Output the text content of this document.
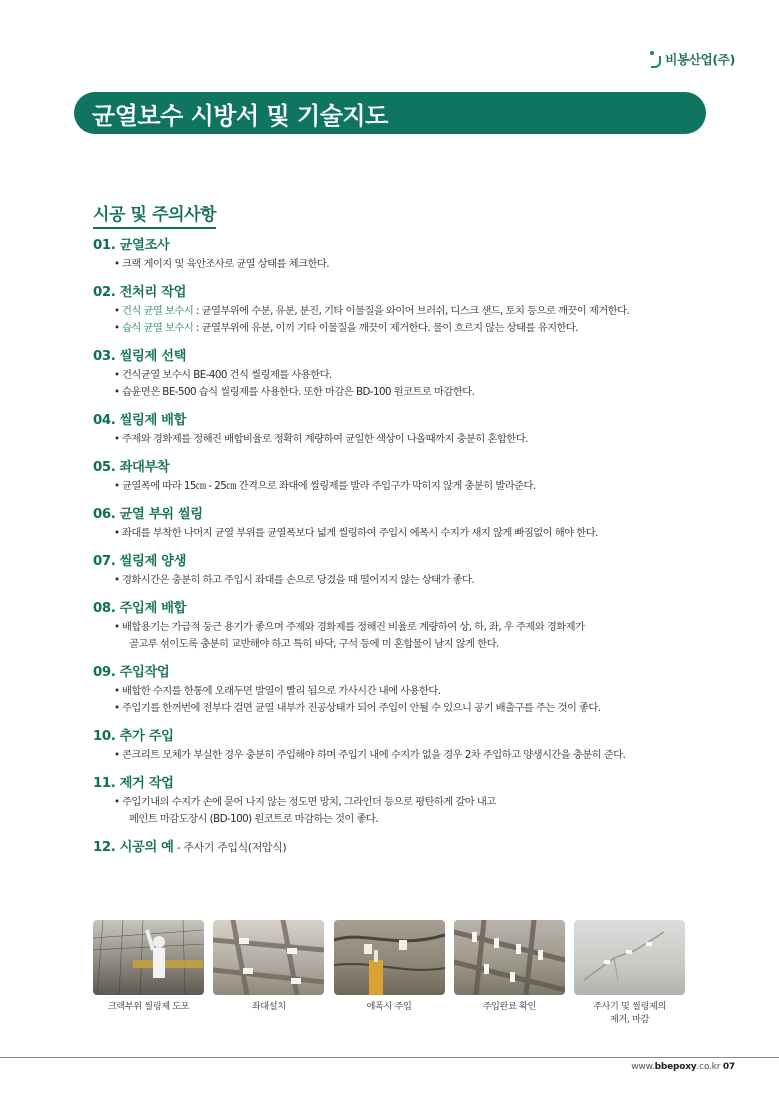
비봉산업(주)
균열보수 시방서 및 기술지도
시공 및 주의사항
01. 균열조사
• 크랙 게이지 및 육안조사로 균열 상태를 체크한다.
02. 전처리 작업
• 건식 균열 보수시 : 균열부위에 수분, 유분, 분진, 기타 이물질을 와이어 브러쉬, 디스크 샌드, 토치 등으로 깨끗이 제거한다.
• 습식 균열 보수시 : 균열부위에 유분, 이끼 기타 이물질을 깨끗이 제거한다. 물이 흐르지 않는 상태를 유지한다.
03. 씰링제 선택
• 건식균열 보수시 BE-400 건식 씰링제를 사용한다.
• 습윤면은 BE-500 습식 씰링제를 사용한다. 또한 마감은 BD-100 원코트로 마감한다.
04. 씰링제 배합
• 주제와 경화제를 정해진 배합비율로 정확히 계량하여 균일한 색상이 나올때까지 충분히 혼합한다.
05. 좌대부착
• 균열폭에 따라 15㎝ - 25㎝ 간격으로 좌대에 씰링제를 발라 주입구가 막히지 않게 충분히 발라준다.
06. 균열 부위 씰링
• 좌대를 부착한 나머지 균열 부위를 균열폭보다 넓게 씰링하여 주입시 에폭시 수지가 새지 않게 빠짐없이 해야 한다.
07. 씰링제 양생
• 경화시간은 충분히 하고 주입시 좌대를 손으로 당겼을 때 떨어지지 않는 상태가 좋다.
08. 주입제 배합
• 배합용기는 가급적 둥근 용기가 좋으며 주제와 경화제를 정해진 비율로 계량하여 상, 하, 좌, 우 주제와 경화제가
골고루 섞이도록 충분히 교반해야 하고 특히 바닥, 구석 등에 미 혼합물이 남지 않게 한다.
09. 주입작업
• 배합한 수지를 한통에 오래두면 발열이 빨리 됨으로 가사시간 내에 사용한다.
• 주입기를 한꺼번에 전부다 걸면 균열 내부가 진공상태가 되어 주입이 안될 수 있으니 공기 배출구를 주는 것이 좋다.
10. 추가 주입
• 콘크리트 모체가 부실한 경우 충분히 주입해야 하며 주입기 내에 수지가 없을 경우 2차 주입하고 양생시간을 충분히 준다.
11. 제거 작업
• 주입기내의 수지가 손에 묻어 나지 않는 정도면 망치, 그라인더 등으로 평탄하게 갈아 내고
페인트 마감도장시 (BD-100) 원코트로 마감하는 것이 좋다.
12. 시공의 예 - 주사기 주입식(저압식)
크랙부위 씰링제 도포	좌대설치	에폭시 주입	주입완료 확인	주사기 및 씰링제의
제거, 마감
www.bbepoxy.co.kr 07
